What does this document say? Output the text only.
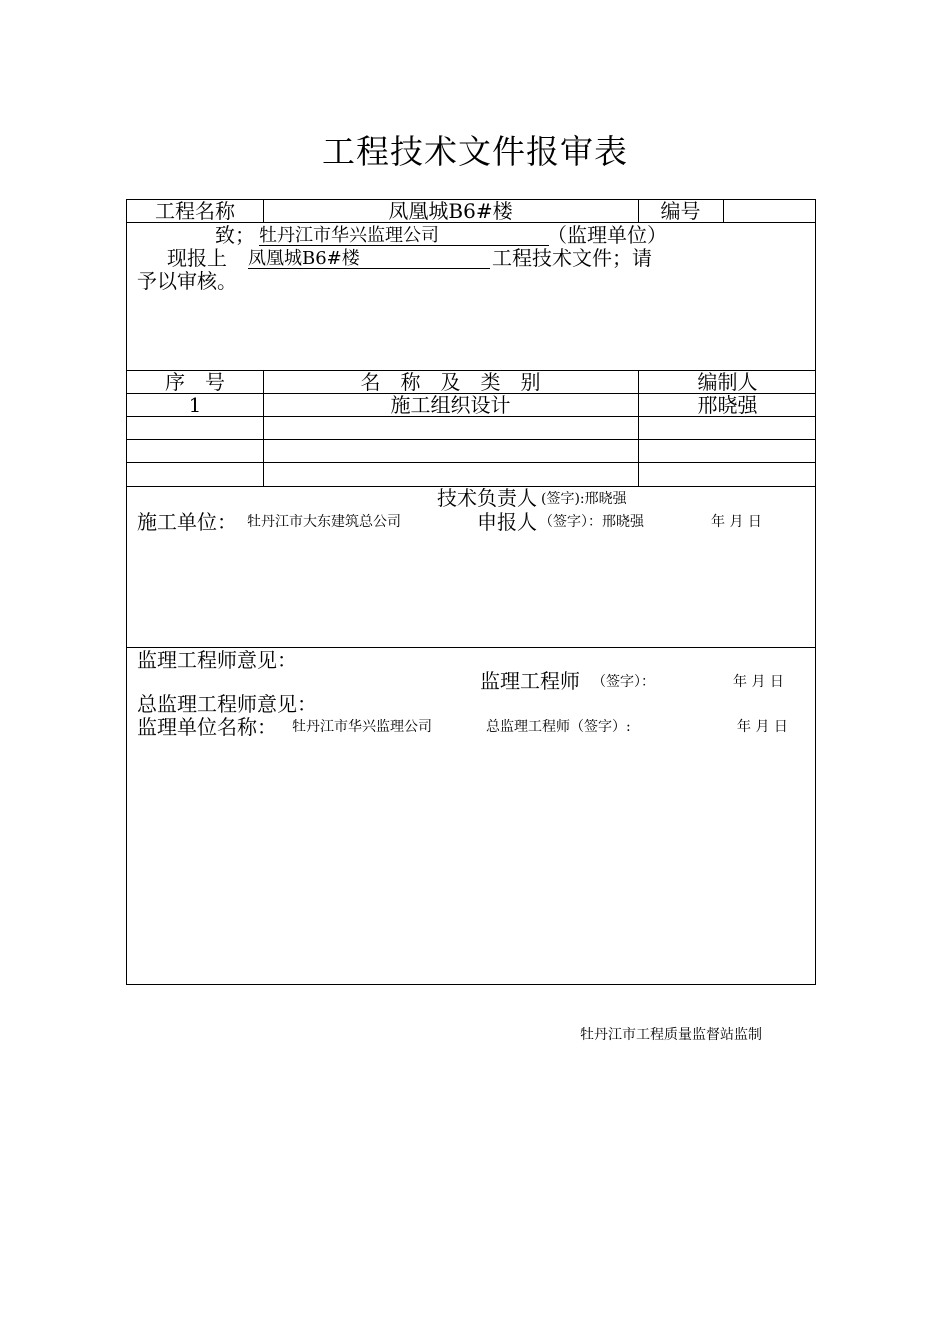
工程技术文件报审表
工程名称	凤凰城B6#楼	编号
致； 牡丹江市华兴监理公司	（监理单位）
现报上 凤凰城B6#楼	工程技术文件；请
予以审核。
序　号	名　称　及　类　别	编制人
1	施工组织设计	邢晓强
技术负责人 (签字):邢晓强
施工单位： 牡丹江市大东建筑总公司	申报人 （签字）：邢晓强	年 月 日
监理工程师意见：
监理工程师 （签字）：	年 月 日
总监理工程师意见：
监理单位名称： 牡丹江市华兴监理公司	总监理工程师（签字）:	年 月 日
牡丹江市工程质量监督站监制
